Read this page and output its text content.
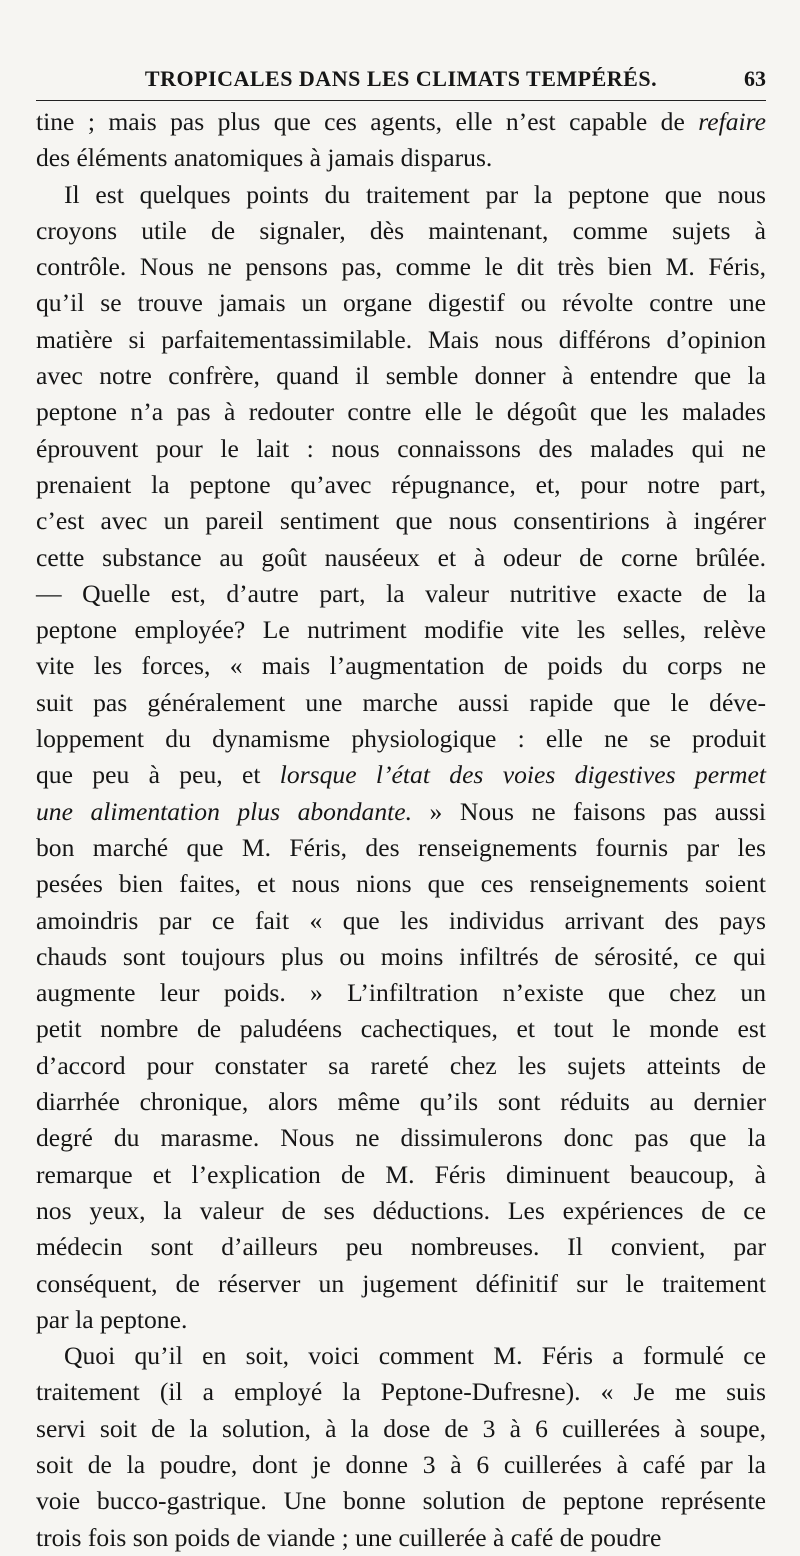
TROPICALES DANS LES CLIMATS TEMPÉRÉS.	63
tine ; mais pas plus que ces agents, elle n’est capable de refaire
des éléments anatomiques à jamais disparus.
Il est quelques points du traitement par la peptone que nous
croyons utile de signaler, dès maintenant, comme sujets à
contrôle. Nous ne pensons pas, comme le dit très bien M. Féris,
qu’il se trouve jamais un organe digestif ou révolte contre une
matière si parfaitementassimilable. Mais nous différons d’opinion
avec notre confrère, quand il semble donner à entendre que la
peptone n’a pas à redouter contre elle le dégoût que les malades
éprouvent pour le lait : nous connaissons des malades qui ne
prenaient la peptone qu’avec répugnance, et, pour notre part,
c’est avec un pareil sentiment que nous consentirions à ingérer
cette substance au goût nauséeux et à odeur de corne brûlée.
— Quelle est, d’autre part, la valeur nutritive exacte de la
peptone employée? Le nutriment modifie vite les selles, relève
vite les forces, « mais l’augmentation de poids du corps ne
suit pas généralement une marche aussi rapide que le déve-
loppement du dynamisme physiologique : elle ne se produit
que peu à peu, et lorsque l’état des voies digestives permet
une alimentation plus abondante. » Nous ne faisons pas aussi
bon marché que M. Féris, des renseignements fournis par les
pesées bien faites, et nous nions que ces renseignements soient
amoindris par ce fait « que les individus arrivant des pays
chauds sont toujours plus ou moins infiltrés de sérosité, ce qui
augmente leur poids. » L’infiltration n’existe que chez un
petit nombre de paludéens cachectiques, et tout le monde est
d’accord pour constater sa rareté chez les sujets atteints de
diarrhée chronique, alors même qu’ils sont réduits au dernier
degré du marasme. Nous ne dissimulerons donc pas que la
remarque et l’explication de M. Féris diminuent beaucoup, à
nos yeux, la valeur de ses déductions. Les expériences de ce
médecin sont d’ailleurs peu nombreuses. Il convient, par
conséquent, de réserver un jugement définitif sur le traitement
par la peptone.
Quoi qu’il en soit, voici comment M. Féris a formulé ce
traitement (il a employé la Peptone-Dufresne). « Je me suis
servi soit de la solution, à la dose de 3 à 6 cuillerées à soupe,
soit de la poudre, dont je donne 3 à 6 cuillerées à café par la
voie bucco-gastrique. Une bonne solution de peptone représente
trois fois son poids de viande ; une cuillerée à café de poudre
